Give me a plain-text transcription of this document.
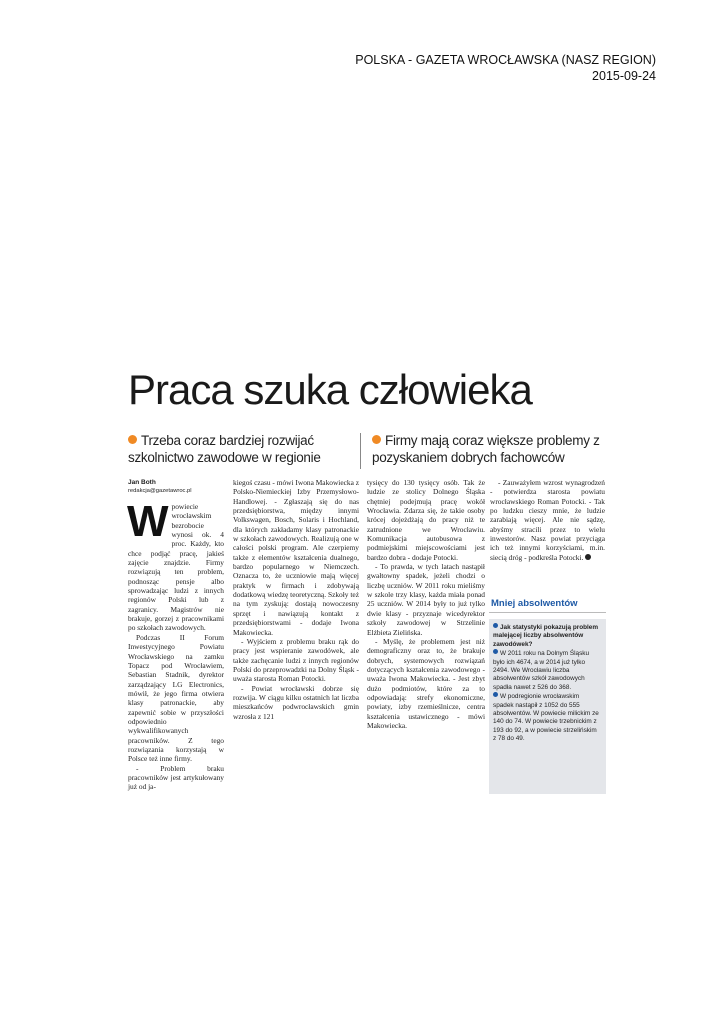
POLSKA - GAZETA WROCŁAWSKA (NASZ REGION)
2015-09-24
Praca szuka człowieka
Trzeba coraz bardziej rozwijać szkolnictwo zawodowe w regionie
Firmy mają coraz większe problemy z pozyskaniem dobrych fachowców

Jan Both

redakcja@gazetawroc.pl

Wpowiecie wrocławskim bezrobocie wynosi ok. 4 proc. Każdy, kto chce podjąć pracę, jakieś zajęcie znajdzie. Firmy rozwiązują ten problem, podnosząc pensje albo sprowadzając ludzi z innych regionów Polski lub z zagranicy. Magistrów nie brakuje, gorzej z pracownikami po szkołach zawodowych.

Podczas II Forum Inwestycyjnego Powiatu Wrocławskiego na zamku Topacz pod Wrocławiem, Sebastian Stadnik, dyrektor zarządzający LG Electronics, mówił, że jego firma otwiera klasy patronackie, aby zapewnić sobie w przyszłości odpowiednio wykwalifikowanych pracowników. Z tego rozwiązania korzystają w Polsce też inne firmy.

- Problem braku pracowników jest artykułowany już od ja-

kiegoś czasu - mówi Iwona Makowiecka z Polsko-Niemieckiej Izby Przemysłowo-Handlowej. - Zgłaszają się do nas przedsiębiorstwa, między innymi Volkswagen, Bosch, Solaris i Hochland, dla których zakładamy klasy patronackie w szkołach zawodowych. Realizują one w całości polski program. Ale czerpiemy także z elementów kształcenia dualnego, bardzo popularnego w Niemczech. Oznacza to, że uczniowie mają więcej praktyk w firmach i zdobywają dodatkową wiedzę teoretyczną. Szkoły też na tym zyskują: dostają nowoczesny sprzęt i nawiązują kontakt z przedsiębiorstwami - dodaje Iwona Makowiecka.

- Wyjściem z problemu braku rąk do pracy jest wspieranie zawodówek, ale także zachęcanie ludzi z innych regionów Polski do przeprowadzki na Dolny Śląsk - uważa starosta Roman Potocki.

- Powiat wrocławski dobrze się rozwija. W ciągu kilku ostatnich lat liczba mieszkańców podwrocławskich gmin wzrosła z 121

tysięcy do 130 tysięcy osób. Tak że ludzie ze stolicy Dolnego Śląska chętniej podejmują pracę wokół Wrocławia. Zdarza się, że takie osoby krócej dojeżdżają do pracy niż te zatrudnione we Wrocławiu. Komunikacja autobusowa z podmiejskimi miejscowościami jest bardzo dobra - dodaje Potocki.

- To prawda, w tych latach nastąpił gwałtowny spadek, jeżeli chodzi o liczbę uczniów. W 2011 roku mieliśmy w szkole trzy klasy, każda miała ponad 25 uczniów. W 2014 były to już tylko dwie klasy - przyznaje wicedyrektor szkoły zawodowej w Strzelinie Elżbieta Zielińska.

- Myślę, że problemem jest niż demograficzny oraz to, że brakuje dobrych, systemowych rozwiązań dotyczących kształcenia zawodowego - uważa Iwona Makowiecka. - Jest zbyt dużo podmiotów, które za to odpowiadają: strefy ekonomiczne, powiaty, izby rzemieślnicze, centra kształcenia ustawicznego - mówi Makowiecka.

- Zauważyłem wzrost wynagrodzeń - potwierdza starosta powiatu wrocławskiego Roman Potocki. - Tak po ludzku cieszy mnie, że ludzie zarabiają więcej. Ale nie sądzę, abyśmy stracili przez to wielu inwestorów. Nasz powiat przyciąga ich też innymi korzyściami, m.in. siecią dróg - podkreśla Potocki.

Mniej absolwentów

Jak statystyki pokazują problem malejącej liczby absolwentów zawodówek?

W 2011 roku na Dolnym Śląsku było ich 4674, a w 2014 już tylko 2494. We Wrocławiu liczba absolwentów szkół zawodowych spadła nawet z 526 do 368.

W podregionie wrocławskim spadek nastąpił z 1052 do 555 absolwentów. W powiecie milickim ze 140 do 74. W powiecie trzebnickim z 193 do 92, a w powiecie strzelińskim z 78 do 49.
